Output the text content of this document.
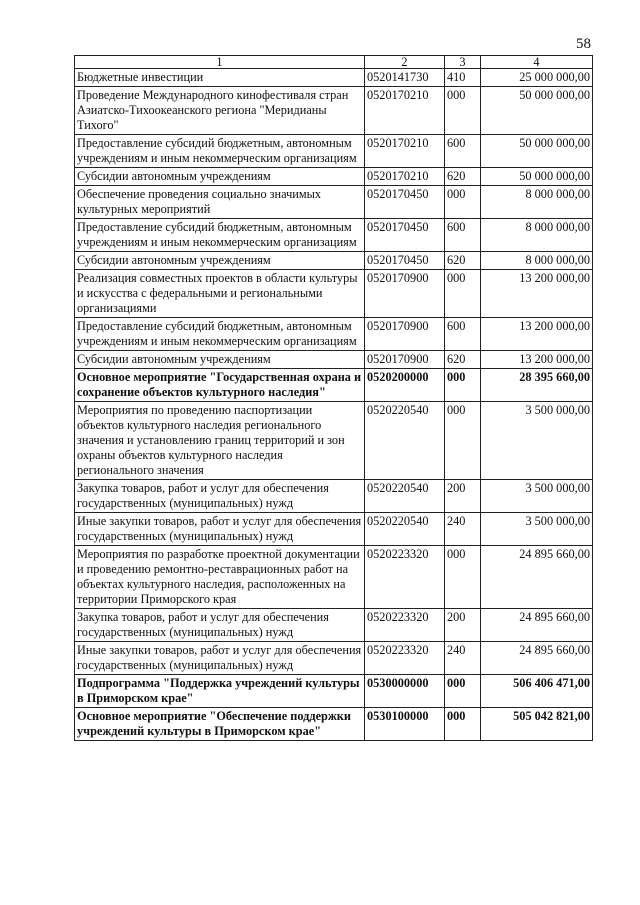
58
1	2	3	4
Бюджетные инвестиции	0520141730	410	25 000 000,00
Проведение Международного кинофестиваля стран Азиатско-Тихоокеанского региона "Меридианы Тихого"	0520170210	000	50 000 000,00
Предоставление субсидий бюджетным, автономным учреждениям и иным некоммерческим организациям	0520170210	600	50 000 000,00
Субсидии автономным учреждениям	0520170210	620	50 000 000,00
Обеспечение проведения социально значимых культурных мероприятий	0520170450	000	8 000 000,00
Предоставление субсидий бюджетным, автономным учреждениям и иным некоммерческим организациям	0520170450	600	8 000 000,00
Субсидии автономным учреждениям	0520170450	620	8 000 000,00
Реализация совместных проектов в области культуры и искусства с федеральными и региональными организациями	0520170900	000	13 200 000,00
Предоставление субсидий бюджетным, автономным учреждениям и иным некоммерческим организациям	0520170900	600	13 200 000,00
Субсидии автономным учреждениям	0520170900	620	13 200 000,00
Основное мероприятие "Государственная охрана и сохранение объектов культурного наследия"	0520200000	000	28 395 660,00
Мероприятия по проведению паспортизации объектов культурного наследия регионального значения и установлению границ территорий и зон охраны объектов культурного наследия регионального значения	0520220540	000	3 500 000,00
Закупка товаров, работ и услуг для обеспечения государственных (муниципальных) нужд	0520220540	200	3 500 000,00
Иные закупки товаров, работ и услуг для обеспечения государственных (муниципальных) нужд	0520220540	240	3 500 000,00
Мероприятия по разработке проектной документации и проведению ремонтно-реставрационных работ на объектах культурного наследия, расположенных на территории Приморского края	0520223320	000	24 895 660,00
Закупка товаров, работ и услуг для обеспечения государственных (муниципальных) нужд	0520223320	200	24 895 660,00
Иные закупки товаров, работ и услуг для обеспечения государственных (муниципальных) нужд	0520223320	240	24 895 660,00
Подпрограмма "Поддержка учреждений культуры в Приморском крае"	0530000000	000	506 406 471,00
Основное мероприятие "Обеспечение поддержки учреждений культуры в Приморском крае"	0530100000	000	505 042 821,00
